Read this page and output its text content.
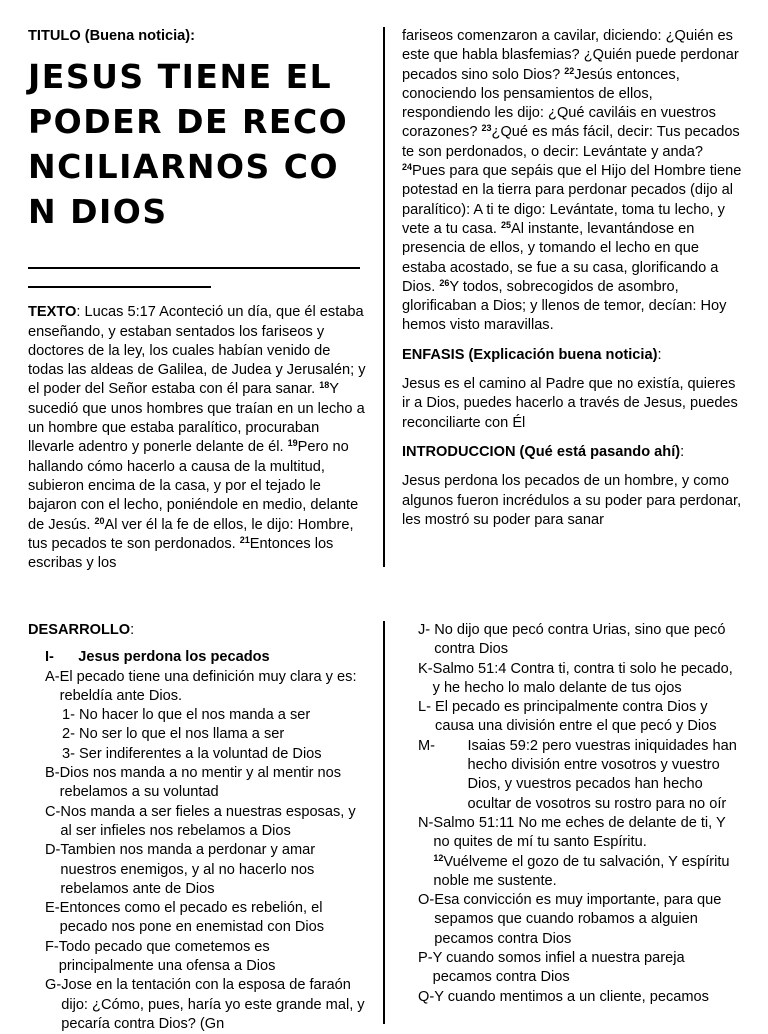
TITULO (Buena noticia):
JESUS TIENE EL PODER DE RECONCILIARNOS CON DIOS

TEXTO: Lucas 5:17 Aconteció un día, que él estaba enseñando, y estaban sentados los fariseos y doctores de la ley, los cuales habían venido de todas las aldeas de Galilea, de Judea y Jerusalén; y el poder del Señor estaba con él para sanar. $^{18}$Y sucedió que unos hombres que traían en un lecho a un hombre que estaba paralítico, procuraban llevarle adentro y ponerle delante de él. $^{19}$Pero no hallando cómo hacerlo a causa de la multitud, subieron encima de la casa, y por el tejado le bajaron con el lecho, poniéndole en medio, delante de Jesús. $^{20}$Al ver él la fe de ellos, le dijo: Hombre, tus pecados te son perdonados. $^{21}$Entonces los escribas y los

fariseos comenzaron a cavilar, diciendo: ¿Quién es este que habla blasfemias? ¿Quién puede perdonar pecados sino solo Dios? $^{22}$Jesús entonces, conociendo los pensamientos de ellos, respondiendo les dijo: ¿Qué caviláis en vuestros corazones? $^{23}$¿Qué es más fácil, decir: Tus pecados te son perdonados, o decir: Levántate y anda? $^{24}$Pues para que sepáis que el Hijo del Hombre tiene potestad en la tierra para perdonar pecados (dijo al paralítico): A ti te digo: Levántate, toma tu lecho, y vete a tu casa. $^{25}$Al instante, levantándose en presencia de ellos, y tomando el lecho en que estaba acostado, se fue a su casa, glorificando a Dios. $^{26}$Y todos, sobrecogidos de asombro, glorificaban a Dios; y llenos de temor, decían: Hoy hemos visto maravillas.

ENFASIS (Explicación buena noticia):

Jesus es el camino al Padre que no existía, quieres ir a Dios, puedes hacerlo a través de Jesus, puedes reconciliarte con Él

INTRODUCCION (Qué está pasando ahí):

Jesus perdona los pecados de un hombre, y como algunos fueron incrédulos a su poder para perdonar, les mostró su poder para sanar

DESARROLLO:

I- Jesus perdona los pecados
A- El pecado tiene una definición muy clara y es: rebeldía ante Dios.
1- No hacer lo que el nos manda a ser
2- No ser lo que el nos llama a ser
3- Ser indiferentes a la voluntad de Dios
B- Dios nos manda a no mentir y al mentir nos rebelamos a su voluntad
C- Nos manda a ser fieles a nuestras esposas, y al ser infieles nos rebelamos a Dios
D- Tambien nos manda a perdonar y amar nuestros enemigos, y al no hacerlo nos rebelamos ante de Dios
E- Entonces como el pecado es rebelión, el pecado nos pone en enemistad con Dios
F- Todo pecado que cometemos es principalmente una ofensa a Dios
G- Jose en la tentación con la esposa de faraón dijo: ¿Cómo, pues, haría yo este grande mal, y pecaría contra Dios? (Gn
J- No dijo que pecó contra Urias, sino que pecó contra Dios
K- Salmo 51:4 Contra ti, contra ti solo he pecado, y he hecho lo malo delante de tus ojos
L- El pecado es principalmente contra Dios y causa una división entre el que pecó y Dios
M- Isaias 59:2 pero vuestras iniquidades han hecho división entre vosotros y vuestro Dios, y vuestros pecados han hecho ocultar de vosotros su rostro para no oír
N- Salmo 51:11 No me eches de delante de ti, Y no quites de mí tu santo Espíritu.
$^{12}$Vuélveme el gozo de tu salvación, Y espíritu noble me sustente.
O- Esa convicción es muy importante, para que sepamos que cuando robamos a alguien pecamos contra Dios
P- Y cuando somos infiel a nuestra pareja pecamos contra Dios
Q- Y cuando mentimos a un cliente, pecamos
